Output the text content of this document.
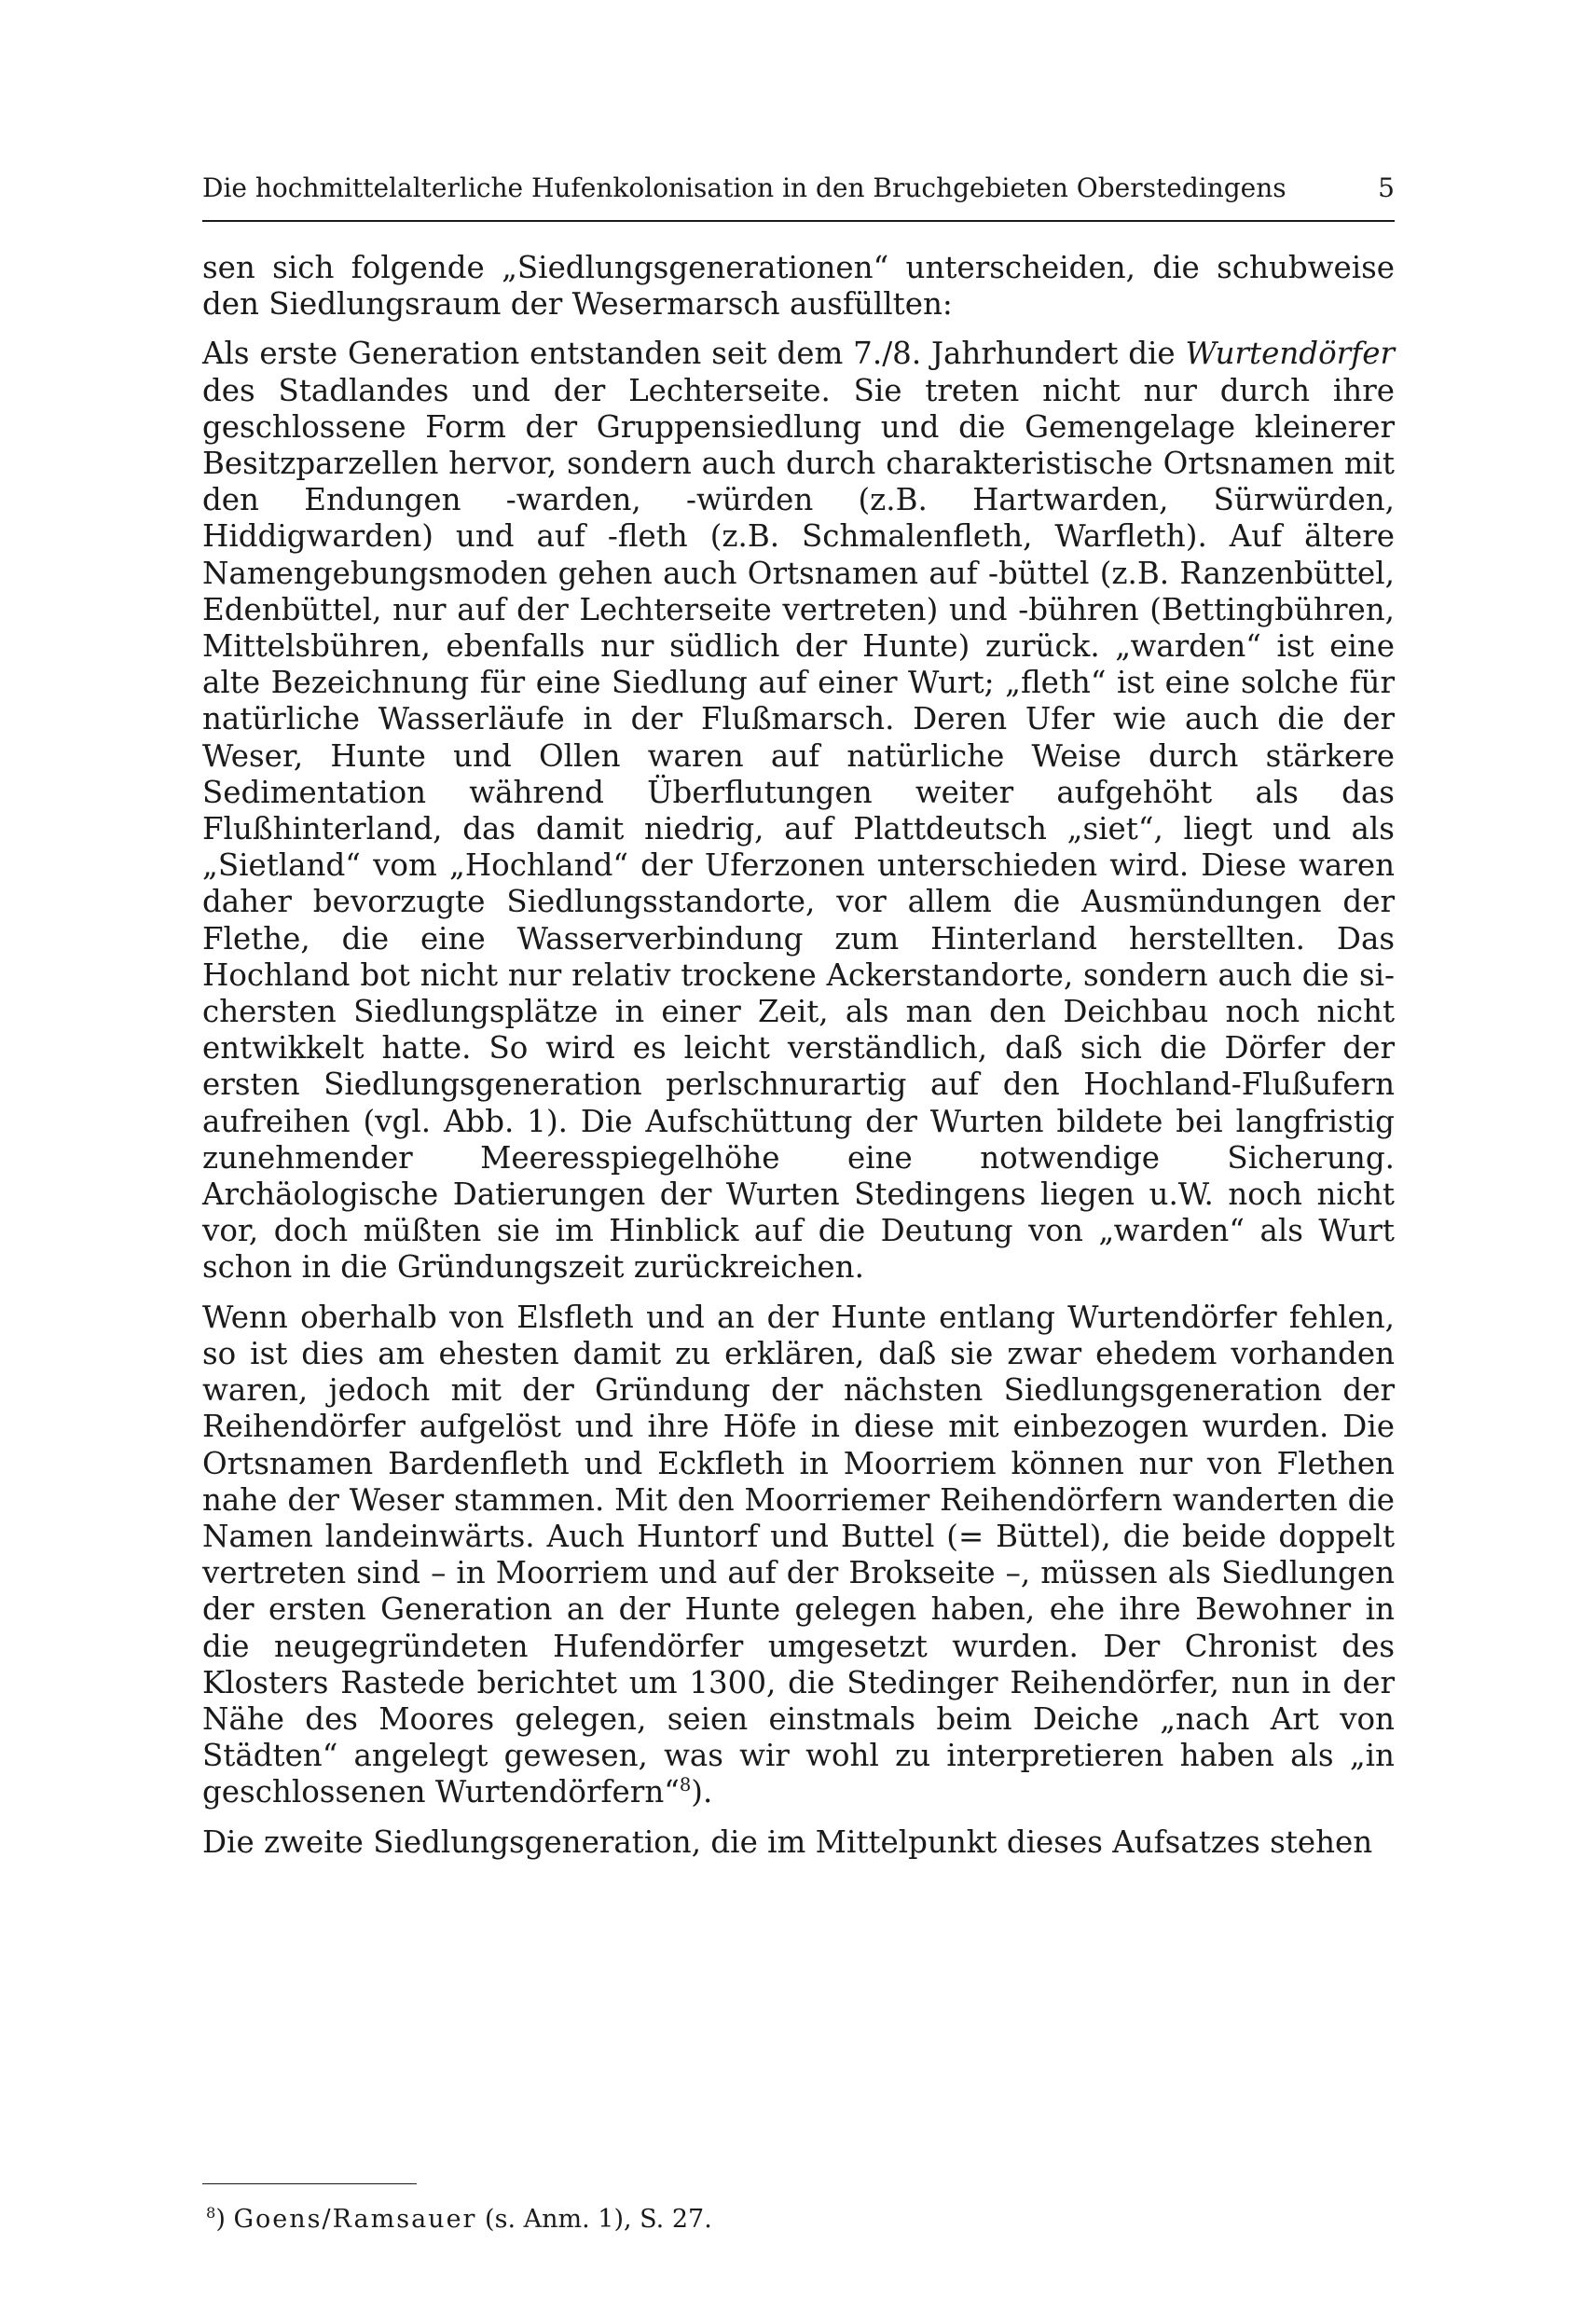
Die hochmittelalterliche Hufenkolonisation in den Bruchgebieten Oberstedingens	5

sen sich folgende „Siedlungsgenerationen“ unterscheiden, die schubweise den Siedlungsraum der Wesermarsch ausfüllten:

Als erste Generation entstanden seit dem 7./8. Jahrhundert die Wurtendörfer des Stadlandes und der Lechterseite. Sie treten nicht nur durch ihre geschlossene Form der Gruppensiedlung und die Gemengelage kleinerer Besitzparzellen hervor, sondern auch durch charakteristische Ortsnamen mit den Endungen -warden, -würden (z.B. Hartwarden, Sürwürden, Hiddigwarden) und auf -fleth (z.B. Schmalenfleth, Warfleth). Auf ältere Namengebungsmoden gehen auch Ortsnamen auf -büttel (z.B. Ranzenbüttel, Edenbüttel, nur auf der Lechterseite vertreten) und -bühren (Bettingbühren, Mittelsbühren, ebenfalls nur südlich der Hunte) zurück. „warden“ ist eine alte Bezeichnung für eine Siedlung auf einer Wurt; „fleth“ ist eine solche für natürliche Wasserläufe in der Flußmarsch. Deren Ufer wie auch die der Weser, Hunte und Ollen waren auf natürliche Weise durch stärkere Sedimentation während Überflutungen weiter aufgehöht als das Flußhinterland, das damit niedrig, auf Plattdeutsch „siet“, liegt und als „Sietland“ vom „Hochland“ der Uferzonen unterschieden wird. Diese waren daher bevorzugte Siedlungsstandorte, vor allem die Ausmündungen der Flethe, die eine Wasserverbindung zum Hinterland herstellten. Das Hochland bot nicht nur relativ trockene Ackerstandorte, sondern auch die sichersten Siedlungsplätze in einer Zeit, als man den Deichbau noch nicht entwikkelt hatte. So wird es leicht verständlich, daß sich die Dörfer der ersten Siedlungsgeneration perlschnurartig auf den Hochland-Flußufern aufreihen (vgl. Abb. 1). Die Aufschüttung der Wurten bildete bei langfristig zunehmender Meeresspiegelhöhe eine notwendige Sicherung. Archäologische Datierungen der Wurten Stedingens liegen u.W. noch nicht vor, doch müßten sie im Hinblick auf die Deutung von „warden“ als Wurt schon in die Gründungszeit zurückreichen.

Wenn oberhalb von Elsfleth und an der Hunte entlang Wurtendörfer fehlen, so ist dies am ehesten damit zu erklären, daß sie zwar ehedem vorhanden waren, jedoch mit der Gründung der nächsten Siedlungsgeneration der Reihendörfer aufgelöst und ihre Höfe in diese mit einbezogen wurden. Die Ortsnamen Bardenfleth und Eckfleth in Moorriem können nur von Flethen nahe der Weser stammen. Mit den Moorriemer Reihendörfern wanderten die Namen landeinwärts. Auch Huntorf und Buttel (= Büttel), die beide doppelt vertreten sind – in Moorriem und auf der Brokseite –, müssen als Siedlungen der ersten Generation an der Hunte gelegen haben, ehe ihre Bewohner in die neugegründeten Hufendörfer umgesetzt wurden. Der Chronist des Klosters Rastede berichtet um 1300, die Stedinger Reihendörfer, nun in der Nähe des Moores gelegen, seien einstmals beim Deiche „nach Art von Städten“ angelegt gewesen, was wir wohl zu interpretieren haben als „in geschlossenen Wurtendörfern“$^8$).

Die zweite Siedlungsgeneration, die im Mittelpunkt dieses Aufsatzes stehen

$^8$) Goens/Ramsauer (s. Anm. 1), S. 27.
